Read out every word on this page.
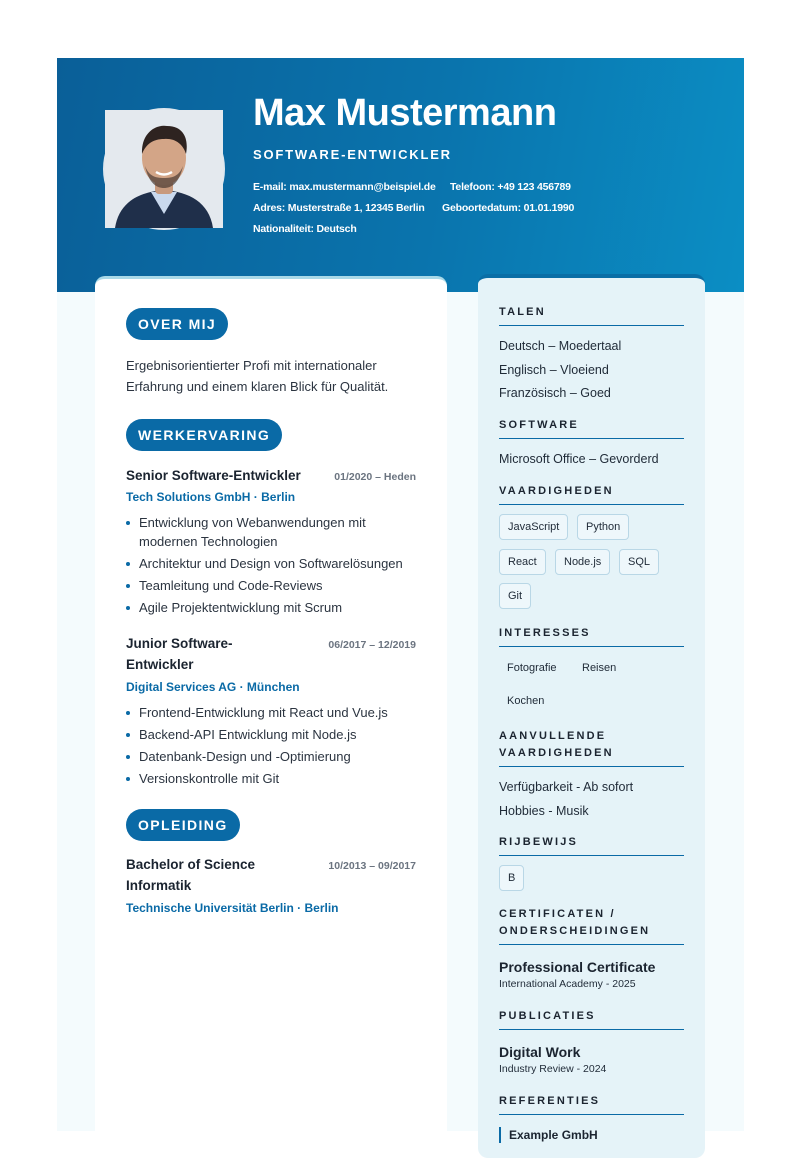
Max Mustermann
SOFTWARE-ENTWICKLER
E-mail: max.mustermann@beispiel.de Telefoon: +49 123 456789
Adres: Musterstraße 1, 12345 Berlin Geboortedatum: 01.01.1990
Nationaliteit: Deutsch
OVER MIJ
Ergebnisorientierter Profi mit internationaler Erfahrung und einem klaren Blick für Qualität.
WERKERVARING
Senior Software-Entwickler	01/2020 – Heden
Tech Solutions GmbH · Berlin
Entwicklung von Webanwendungen mit modernen Technologien
Architektur und Design von Softwarelösungen
Teamleitung und Code-Reviews
Agile Projektentwicklung mit Scrum
Junior Software-Entwickler
06/2017 – 12/2019
Digital Services AG · München
Frontend-Entwicklung mit React und Vue.js
Backend-API Entwicklung mit Node.js
Datenbank-Design und -Optimierung
Versionskontrolle mit Git
OPLEIDING
Bachelor of Science Informatik
10/2013 – 09/2017
Technische Universität Berlin · Berlin
TALEN
Deutsch – Moedertaal
Englisch – Vloeiend
Französisch – Goed
SOFTWARE
Microsoft Office – Gevorderd
VAARDIGHEDEN
JavaScript	Python
React	Node.js	SQL
Git
INTERESSES
Fotografie Reisen
Kochen
AANVULLENDE VAARDIGHEDEN
Verfügbarkeit - Ab sofort
Hobbies - Musik
RIJBEWIJS
B
CERTIFICATEN / ONDERSCHEIDINGEN
Professional Certificate
International Academy - 2025
PUBLICATIES
Digital Work
Industry Review - 2024
REFERENTIES
Example GmbH
